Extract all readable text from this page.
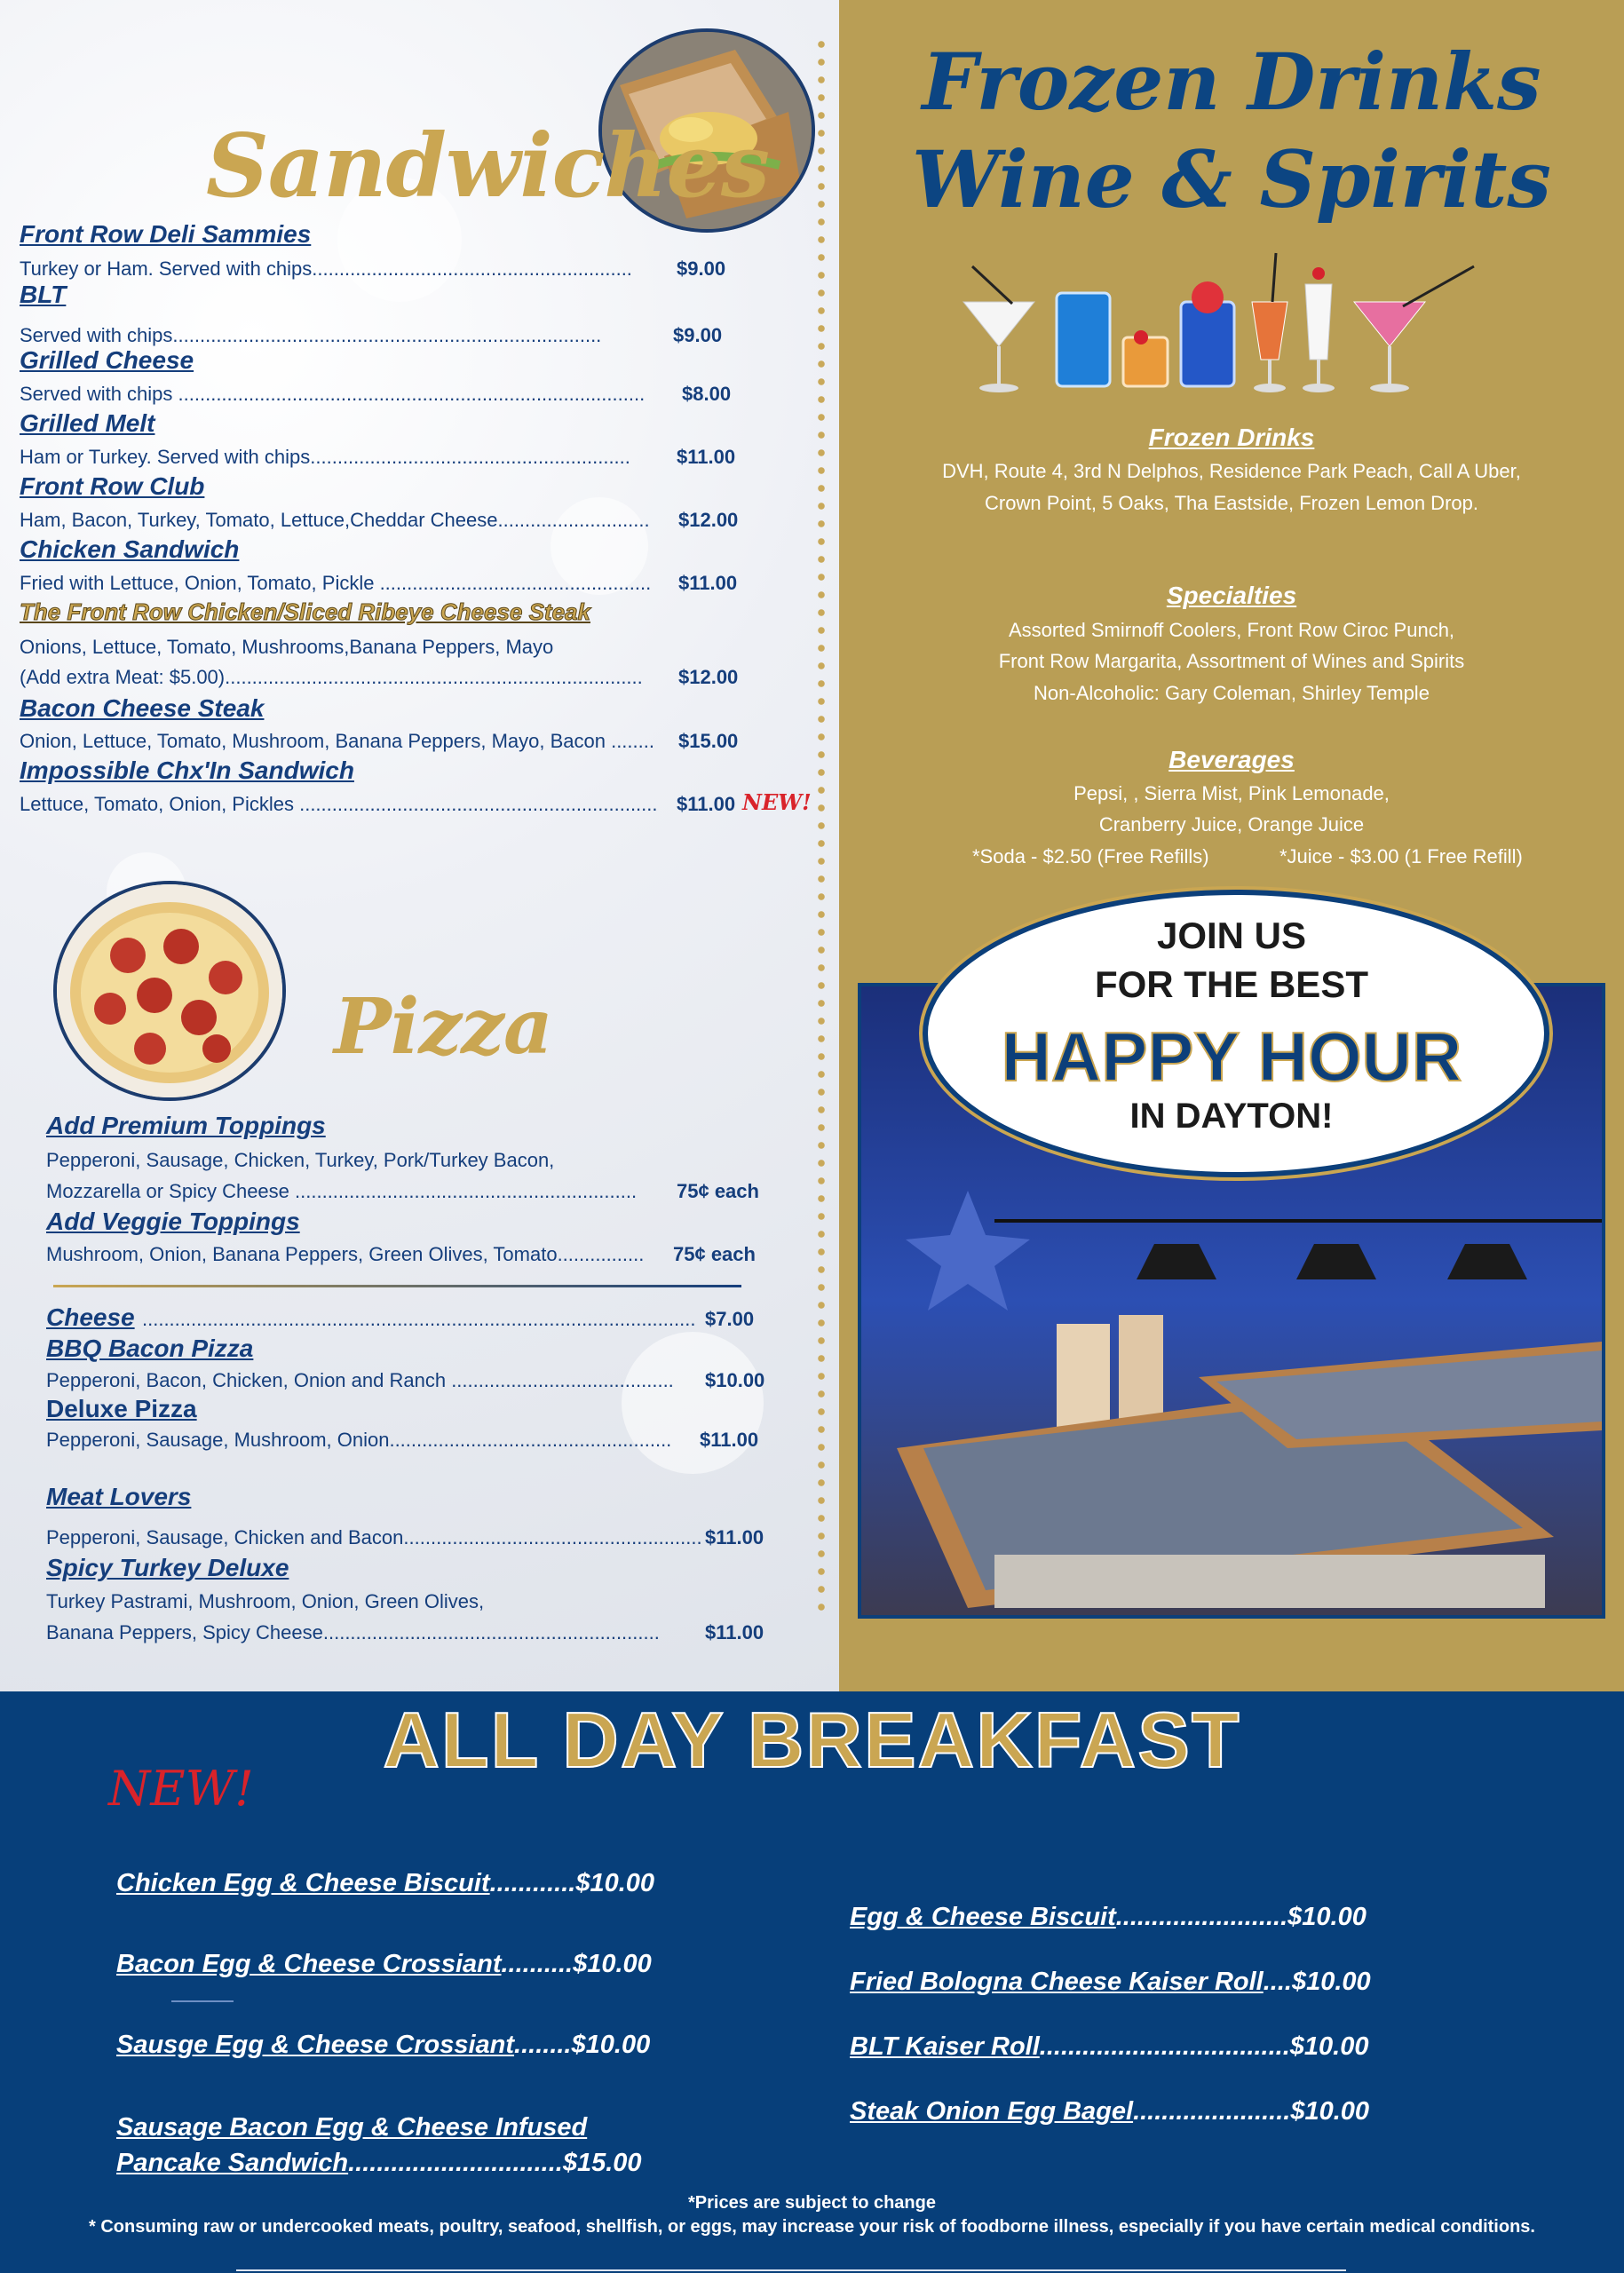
Sandwiches
Front Row Deli Sammies
Turkey or Ham. Served with chips........................................................... $9.00
BLT
Served with chips...............................................................................	$9.00
Grilled Cheese
Served with chips ...................................................................................... $8.00
Grilled Melt
Ham or Turkey. Served with chips........................................................... $11.00
Front Row Club
Ham, Bacon, Turkey, Tomato, Lettuce,Cheddar Cheese............................ $12.00
Chicken Sandwich
Fried with Lettuce, Onion, Tomato, Pickle .................................................. $11.00
The Front Row Chicken/Sliced Ribeye Cheese Steak
Onions, Lettuce, Tomato, Mushrooms,Banana Peppers, Mayo
(Add extra Meat: $5.00)............................................................................. $12.00
Bacon Cheese Steak
Onion, Lettuce, Tomato, Mushroom, Banana Peppers, Mayo, Bacon ........ $15.00
Impossible Chx'In Sandwich
Lettuce, Tomato, Onion, Pickles .................................................................. $11.00 NEW!
Pizza
Add Premium Toppings
Pepperoni, Sausage, Chicken, Turkey, Pork/Turkey Bacon,
Mozzarella or Spicy Cheese ............................................................... 75¢ each
Add Veggie Toppings
Mushroom, Onion, Banana Peppers, Green Olives, Tomato................ 75¢ each
Cheese ...................................................................................................... $7.00
BBQ Bacon Pizza
Pepperoni, Bacon, Chicken, Onion and Ranch ......................................... $10.00
Deluxe Pizza
Pepperoni, Sausage, Mushroom, Onion.................................................... $11.00
Meat Lovers
Pepperoni, Sausage, Chicken and Bacon....................................................... $11.00
Spicy Turkey Deluxe
Turkey Pastrami, Mushroom, Onion, Green Olives,
Banana Peppers, Spicy Cheese.............................................................. $11.00
Frozen Drinks
Wine & Spirits
Frozen Drinks
DVH, Route 4, 3rd N Delphos, Residence Park Peach, Call A Uber,
Crown Point, 5 Oaks, Tha Eastside, Frozen Lemon Drop.
Specialties
Assorted Smirnoff Coolers, Front Row Ciroc Punch,
Front Row Margarita, Assortment of Wines and Spirits
Non-Alcoholic: Gary Coleman, Shirley Temple
Beverages
Pepsi, , Sierra Mist, Pink Lemonade,
Cranberry Juice, Orange Juice
*Soda - $2.50 (Free Refills)	*Juice - $3.00 (1 Free Refill)
JOIN US
FOR THE BEST
HAPPY HOUR
IN DAYTON!
ALL DAY BREAKFAST
NEW!
Chicken Egg & Cheese Biscuit............$10.00
Bacon Egg & Cheese Crossiant..........$10.00
Sausge Egg & Cheese Crossiant........$10.00
Sausage Bacon Egg & Cheese Infused
Pancake Sandwich..............................$15.00
Egg & Cheese Biscuit........................$10.00
Fried Bologna Cheese Kaiser Roll....$10.00
BLT Kaiser Roll...................................$10.00
Steak Onion Egg Bagel......................$10.00
*Prices are subject to change
* Consuming raw or undercooked meats, poultry, seafood, shellfish, or eggs, may increase your risk of foodborne illness, especially if you have certain medical conditions.
